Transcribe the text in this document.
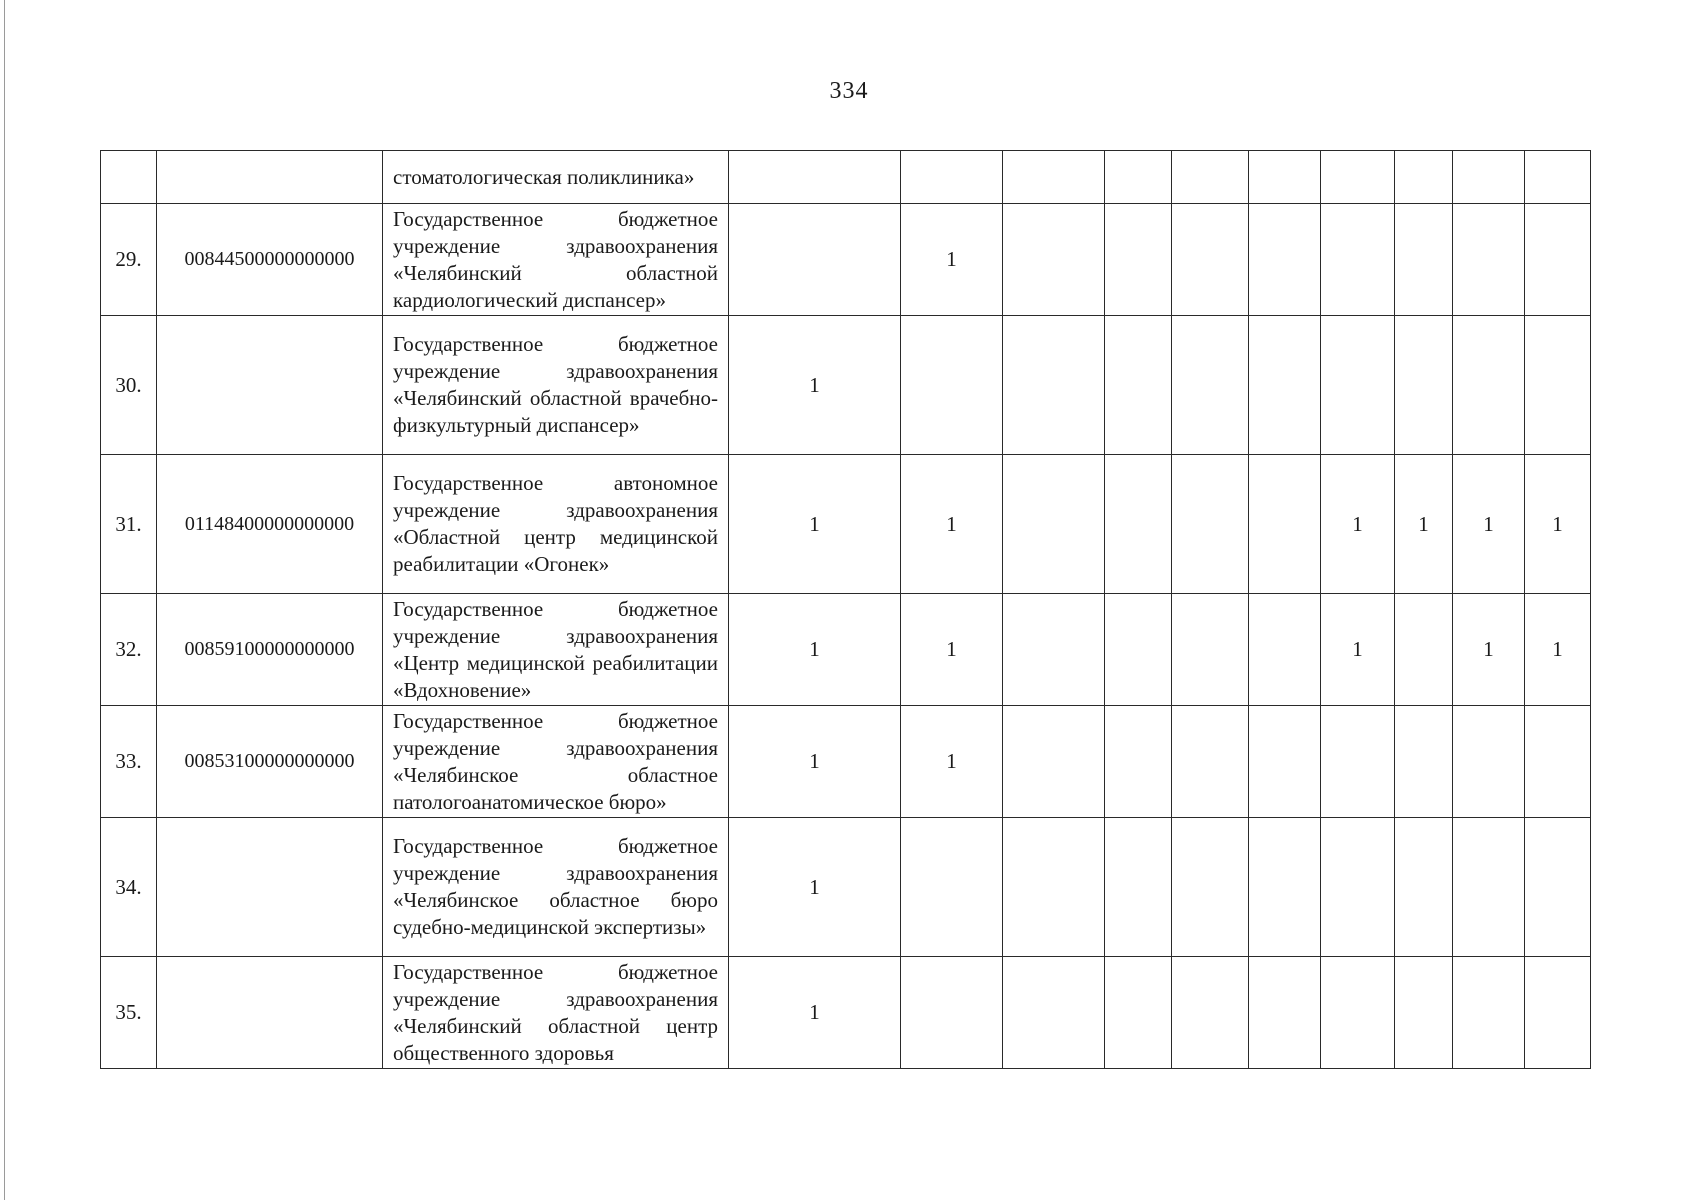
334
		стоматологическая поликлиника»										
29.	00844500000000000	Государственное бюджетное учреждение здравоохранения «Челябинский областной кардиологический диспансер»		1								
30.		Государственное бюджетное учреждение здравоохранения «Челябинский областной врачебно-физкультурный диспансер»	1									
31.	01148400000000000	Государственное автономное учреждение здравоохранения «Областной центр медицинской реабилитации «Огонек»	1	1					1	1	1	1
32.	00859100000000000	Государственное бюджетное учреждение здравоохранения «Центр медицинской реабилитации «Вдохновение»	1	1					1		1	1
33.	00853100000000000	Государственное бюджетное учреждение здравоохранения «Челябинское областное патологоанатомическое бюро»	1	1								
34.		Государственное бюджетное учреждение здравоохранения «Челябинское областное бюро судебно-медицинской экспертизы»	1									
35.		Государственное бюджетное учреждение здравоохранения «Челябинский областной центр общественного здоровья	1									
